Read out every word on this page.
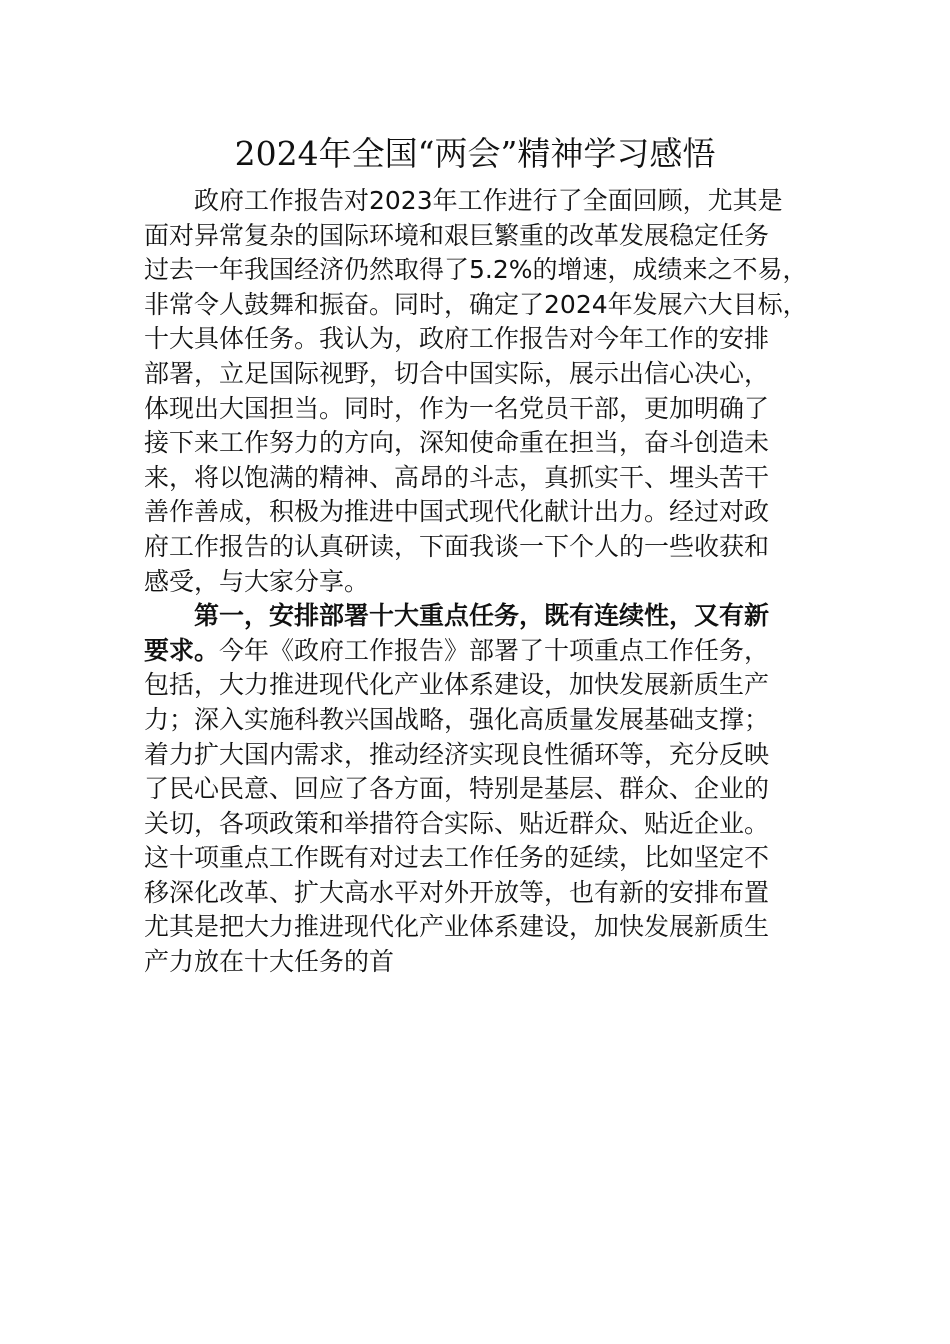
2024年全国“两会”精神学习感悟
政府工作报告对2023年工作进行了全面回顾，尤其是
面对异常复杂的国际环境和艰巨繁重的改革发展稳定任务
过去一年我国经济仍然取得了5.2%的增速，成绩来之不易，
非常令人鼓舞和振奋。同时，确定了2024年发展六大目标，
十大具体任务。我认为，政府工作报告对今年工作的安排
部署，立足国际视野，切合中国实际，展示出信心决心，
体现出大国担当。同时，作为一名党员干部，更加明确了
接下来工作努力的方向，深知使命重在担当，奋斗创造未
来，将以饱满的精神、高昂的斗志，真抓实干、埋头苦干
善作善成，积极为推进中国式现代化献计出力。经过对政
府工作报告的认真研读，下面我谈一下个人的一些收获和
感受，与大家分享。
第一，安排部署十大重点任务，既有连续性，又有新
要求。今年《政府工作报告》部署了十项重点工作任务，
包括，大力推进现代化产业体系建设，加快发展新质生产
力；深入实施科教兴国战略，强化高质量发展基础支撑；
着力扩大国内需求，推动经济实现良性循环等，充分反映
了民心民意、回应了各方面，特别是基层、群众、企业的
关切，各项政策和举措符合实际、贴近群众、贴近企业。
这十项重点工作既有对过去工作任务的延续，比如坚定不
移深化改革、扩大高水平对外开放等，也有新的安排布置
尤其是把大力推进现代化产业体系建设，加快发展新质生
产力放在十大任务的首
